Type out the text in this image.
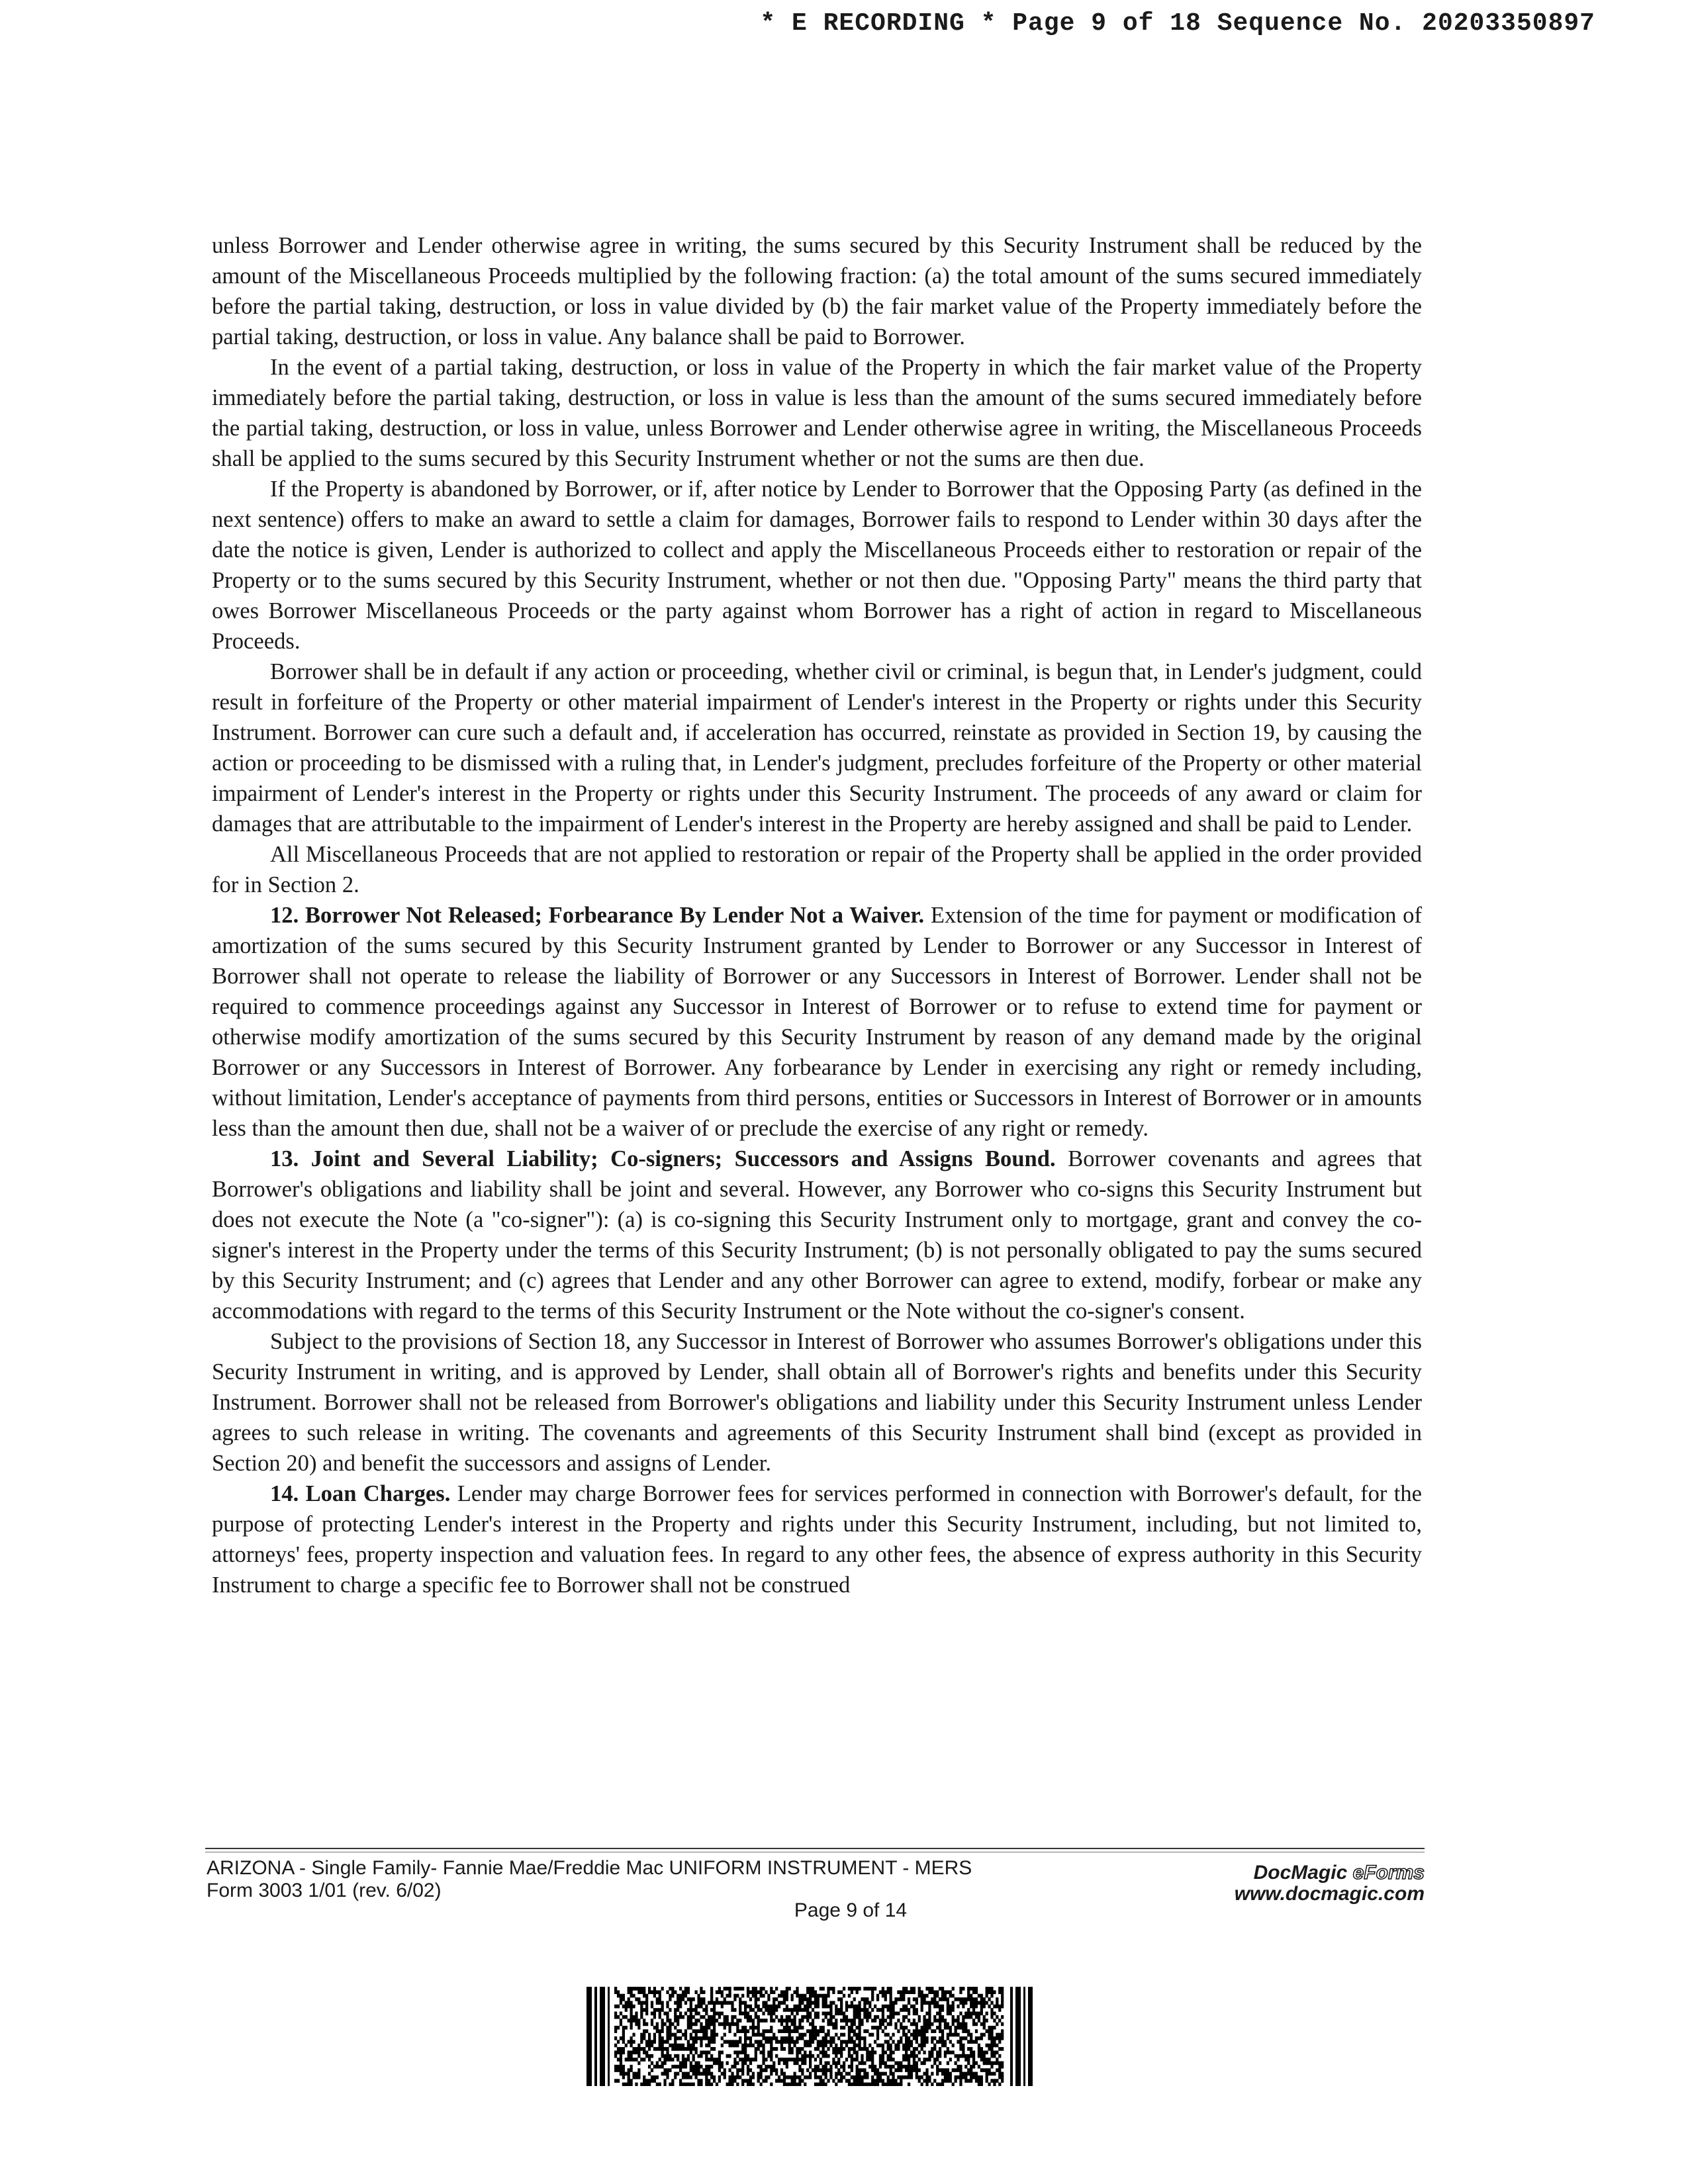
* E RECORDING * Page 9 of 18 Sequence No. 20203350897

unless Borrower and Lender otherwise agree in writing, the sums secured by this Security Instrument shall be reduced by the amount of the Miscellaneous Proceeds multiplied by the following fraction: (a) the total amount of the sums secured immediately before the partial taking, destruction, or loss in value divided by (b) the fair market value of the Property immediately before the partial taking, destruction, or loss in value. Any balance shall be paid to Borrower.

In the event of a partial taking, destruction, or loss in value of the Property in which the fair market value of the Property immediately before the partial taking, destruction, or loss in value is less than the amount of the sums secured immediately before the partial taking, destruction, or loss in value, unless Borrower and Lender otherwise agree in writing, the Miscellaneous Proceeds shall be applied to the sums secured by this Security Instrument whether or not the sums are then due.

If the Property is abandoned by Borrower, or if, after notice by Lender to Borrower that the Opposing Party (as defined in the next sentence) offers to make an award to settle a claim for damages, Borrower fails to respond to Lender within 30 days after the date the notice is given, Lender is authorized to collect and apply the Miscellaneous Proceeds either to restoration or repair of the Property or to the sums secured by this Security Instrument, whether or not then due. "Opposing Party" means the third party that owes Borrower Miscellaneous Proceeds or the party against whom Borrower has a right of action in regard to Miscellaneous Proceeds.

Borrower shall be in default if any action or proceeding, whether civil or criminal, is begun that, in Lender's judgment, could result in forfeiture of the Property or other material impairment of Lender's interest in the Property or rights under this Security Instrument. Borrower can cure such a default and, if acceleration has occurred, reinstate as provided in Section 19, by causing the action or proceeding to be dismissed with a ruling that, in Lender's judgment, precludes forfeiture of the Property or other material impairment of Lender's interest in the Property or rights under this Security Instrument. The proceeds of any award or claim for damages that are attributable to the impairment of Lender's interest in the Property are hereby assigned and shall be paid to Lender.

All Miscellaneous Proceeds that are not applied to restoration or repair of the Property shall be applied in the order provided for in Section 2.

12. Borrower Not Released; Forbearance By Lender Not a Waiver. Extension of the time for payment or modification of amortization of the sums secured by this Security Instrument granted by Lender to Borrower or any Successor in Interest of Borrower shall not operate to release the liability of Borrower or any Successors in Interest of Borrower. Lender shall not be required to commence proceedings against any Successor in Interest of Borrower or to refuse to extend time for payment or otherwise modify amortization of the sums secured by this Security Instrument by reason of any demand made by the original Borrower or any Successors in Interest of Borrower. Any forbearance by Lender in exercising any right or remedy including, without limitation, Lender's acceptance of payments from third persons, entities or Successors in Interest of Borrower or in amounts less than the amount then due, shall not be a waiver of or preclude the exercise of any right or remedy.

13. Joint and Several Liability; Co-signers; Successors and Assigns Bound. Borrower covenants and agrees that Borrower's obligations and liability shall be joint and several. However, any Borrower who co-signs this Security Instrument but does not execute the Note (a "co-signer"): (a) is co-signing this Security Instrument only to mortgage, grant and convey the co-signer's interest in the Property under the terms of this Security Instrument; (b) is not personally obligated to pay the sums secured by this Security Instrument; and (c) agrees that Lender and any other Borrower can agree to extend, modify, forbear or make any accommodations with regard to the terms of this Security Instrument or the Note without the co-signer's consent.

Subject to the provisions of Section 18, any Successor in Interest of Borrower who assumes Borrower's obligations under this Security Instrument in writing, and is approved by Lender, shall obtain all of Borrower's rights and benefits under this Security Instrument. Borrower shall not be released from Borrower's obligations and liability under this Security Instrument unless Lender agrees to such release in writing. The covenants and agreements of this Security Instrument shall bind (except as provided in Section 20) and benefit the successors and assigns of Lender.

14. Loan Charges. Lender may charge Borrower fees for services performed in connection with Borrower's default, for the purpose of protecting Lender's interest in the Property and rights under this Security Instrument, including, but not limited to, attorneys' fees, property inspection and valuation fees. In regard to any other fees, the absence of express authority in this Security Instrument to charge a specific fee to Borrower shall not be construed

ARIZONA - Single Family- Fannie Mae/Freddie Mac UNIFORM INSTRUMENT - MERS
Form 3003 1/01 (rev. 6/02)
DocMagic eForms
www.docmagic.com
Page 9 of 14
